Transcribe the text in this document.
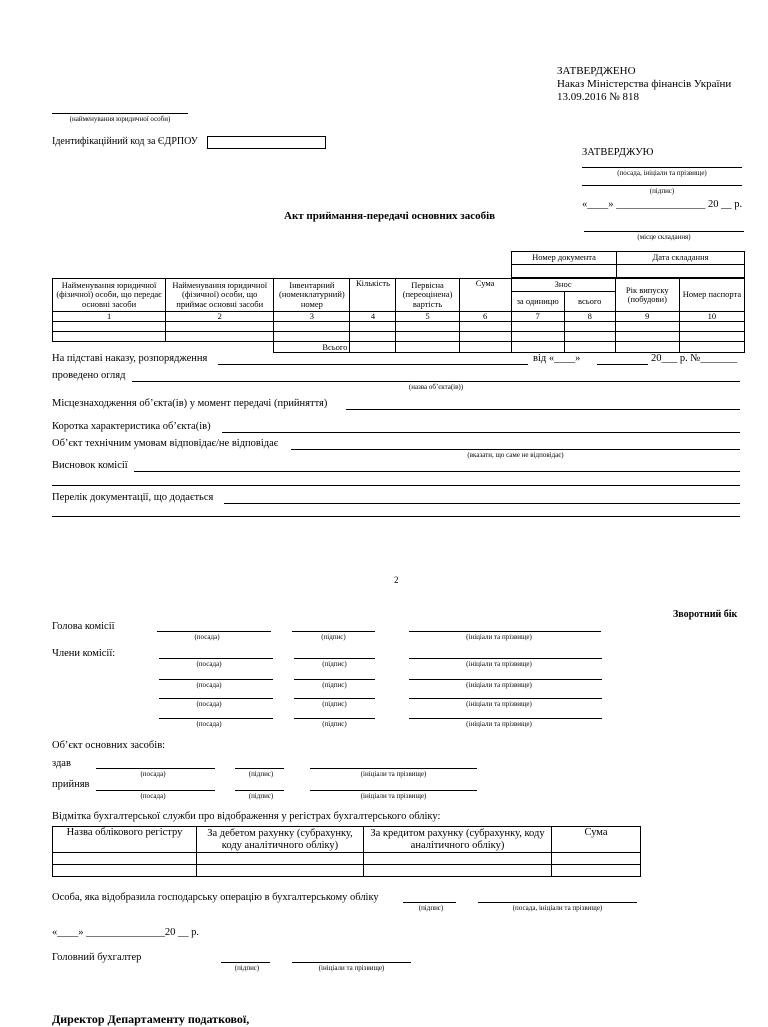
ЗАТВЕРДЖЕНО
Наказ Міністерства фінансів України
13.09.2016 № 818
(найменування юридичної особи)
Ідентифікаційний код за ЄДРПОУ
ЗАТВЕРДЖУЮ
(посада, ініціали та прізвище)
(підпис)
«____» _________________ 20 __ р.
Акт приймання-передачі основних засобів
(місце складання)
Номер документа	Дата складання

Найменування юридичної (фізичної) особи, що передає основні засоби	Найменування юридичної (фізичної) особи, що приймає основні засоби	Інвентарний (номенклатурний) номер	Кількість	Первісна (переоцінена) вартість	Сума	Знос		Рік випуску (побудови)	Номер паспорта
						за одиницю	всього		
1	2	3	4	5	6	7	8	9	10

		Всього							
На підставі наказу, розпорядження	від «____»	20___ р. №_______
проведено огляд
(назва об’єкта(ів))
Місцезнаходження об’єкта(ів) у момент передачі (прийняття)
Коротка характеристика об’єкта(ів)
Об’єкт технічним умовам відповідає/не відповідає
(вказати, що саме не відповідає)
Висновок комісії
Перелік документації, що додається
2
Зворотний бік
Голова комісії
(посада)	(підпис)	(ініціали та прізвище)
Члени комісії:
(посада)	(підпис)	(ініціали та прізвище)
(посада)	(підпис)	(ініціали та прізвище)
(посада)	(підпис)	(ініціали та прізвище)
(посада)	(підпис)	(ініціали та прізвище)
Об’єкт основних засобів:
здав
(посада)	(підпис)	(ініціали та прізвище)
прийняв
(посада)	(підпис)	(ініціали та прізвище)
Відмітка бухгалтерської служби про відображення у регістрах бухгалтерського обліку:
Назва облікового регістру	За дебетом рахунку (субрахунку, коду аналітичного обліку)	За кредитом рахунку (субрахунку, коду аналітичного обліку)	Сума

Особа, яка відобразила господарську операцію в бухгалтерському обліку
(підпис)	(посада, ініціали та прізвище)
«____» _______________20 __ р.
Головний бухгалтер
(підпис)	(ініціали та прізвище)
Директор Департаменту податкової,
